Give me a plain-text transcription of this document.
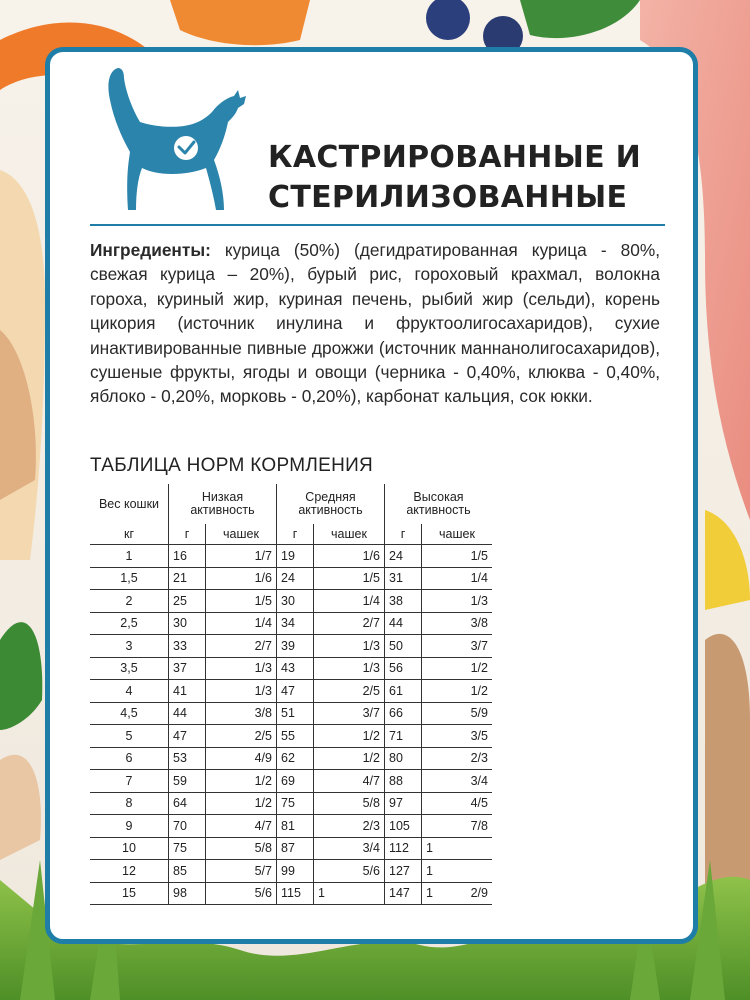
КАСТРИРОВАННЫЕ И
СТЕРИЛИЗОВАННЫЕ

Ингредиенты: курица (50%) (дегидратированная курица - 80%, свежая курица – 20%), бурый рис, гороховый крахмал, волокна гороха, куриный жир, куриная печень, рыбий жир (сельди), корень цикория (источник инулина и фруктоолигосахаридов), сухие инактивированные пивные дрожжи (источник маннанолигосахаридов), сушеные фрукты, ягоды и овощи (черника - 0,40%, клюква - 0,40%, яблоко - 0,20%, морковь - 0,20%), карбонат кальция, сок юкки.

ТАБЛИЦА НОРМ КОРМЛЕНИЯ
Вес кошки	Низкая активность		Средняя активность		Высокая активность	
кг	г	чашек	г	чашек	г	чашек
1	16	1/7	19	1/6	24	1/5
1,5	21	1/6	24	1/5	31	1/4
2	25	1/5	30	1/4	38	1/3
2,5	30	1/4	34	2/7	44	3/8
3	33	2/7	39	1/3	50	3/7
3,5	37	1/3	43	1/3	56	1/2
4	41	1/3	47	2/5	61	1/2
4,5	44	3/8	51	3/7	66	5/9
5	47	2/5	55	1/2	71	3/5
6	53	4/9	62	1/2	80	2/3
7	59	1/2	69	4/7	88	3/4
8	64	1/2	75	5/8	97	4/5
9	70	4/7	81	2/3	105	7/8
10	75	5/8	87	3/4	112	1
12	85	5/7	99	5/6	127	1
15	98	5/6	115	1	147	1 2/9
